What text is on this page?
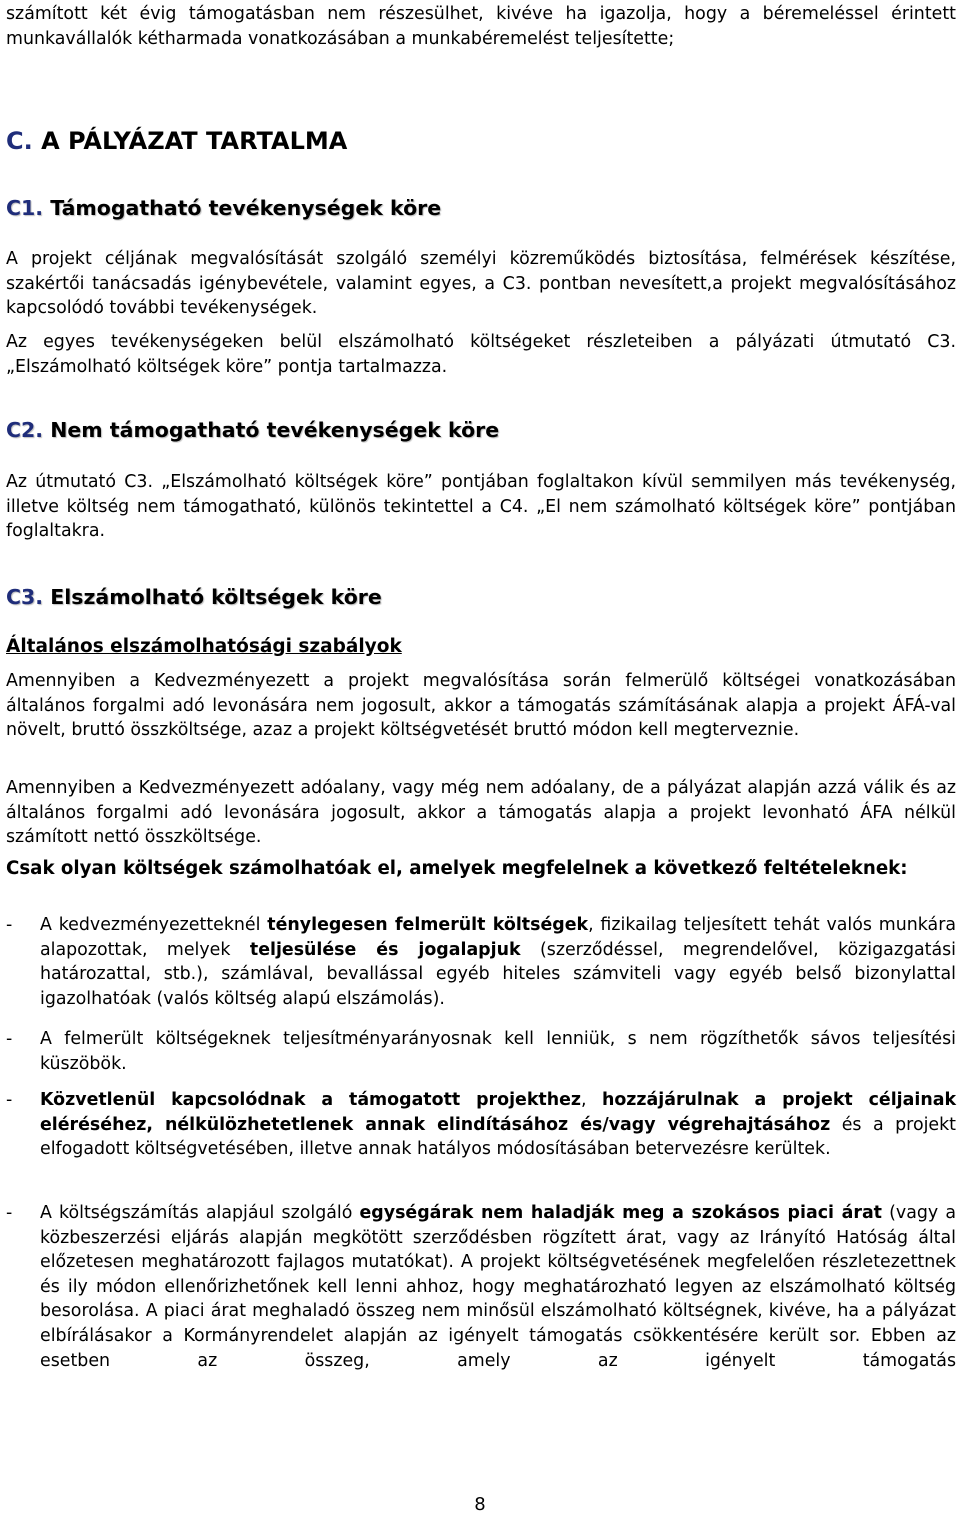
számított két évig támogatásban nem részesülhet, kivéve ha igazolja, hogy a béremeléssel érintett munkavállalók kétharmada vonatkozásában a munkabéremelést teljesítette;

C. A PÁLYÁZAT TARTALMA
C1. Támogatható tevékenységek köre

A projekt céljának megvalósítását szolgáló személyi közreműködés biztosítása, felmérések készítése, szakértői tanácsadás igénybevétele, valamint egyes, a C3. pontban nevesített,a projekt megvalósításához kapcsolódó további tevékenységek.

Az egyes tevékenységeken belül elszámolható költségeket részleteiben a pályázati útmutató C3. „Elszámolható költségek köre” pontja tartalmazza.

C2. Nem támogatható tevékenységek köre

Az útmutató C3. „Elszámolható költségek köre” pontjában foglaltakon kívül semmilyen más tevékenység, illetve költség nem támogatható, különös tekintettel a C4. „El nem számolható költségek köre” pontjában foglaltakra.

C3. Elszámolható költségek köre
Általános elszámolhatósági szabályok

Amennyiben a Kedvezményezett a projekt megvalósítása során felmerülő költségei vonatkozásában általános forgalmi adó levonására nem jogosult, akkor a támogatás számításának alapja a projekt ÁFÁ-val növelt, bruttó összköltsége, azaz a projekt költségvetését bruttó módon kell megterveznie.

Amennyiben a Kedvezményezett adóalany, vagy még nem adóalany, de a pályázat alapján azzá válik és az általános forgalmi adó levonására jogosult, akkor a támogatás alapja a projekt levonható ÁFA nélkül számított nettó összköltsége.

Csak olyan költségek számolhatóak el, amelyek megfelelnek a következő feltételeknek:

- A kedvezményezetteknél ténylegesen felmerült költségek, fizikailag teljesített tehát valós munkára alapozottak, melyek teljesülése és jogalapjuk (szerződéssel, megrendelővel, közigazgatási határozattal, stb.), számlával, bevallással egyéb hiteles számviteli vagy egyéb belső bizonylattal igazolhatóak (valós költség alapú elszámolás).

- A felmerült költségeknek teljesítményarányosnak kell lenniük, s nem rögzíthetők sávos teljesítési küszöbök.

- Közvetlenül kapcsolódnak a támogatott projekthez, hozzájárulnak a projekt céljainak eléréséhez, nélkülözhetetlenek annak elindításához és/vagy végrehajtásához és a projekt elfogadott költségvetésében, illetve annak hatályos módosításában betervezésre kerültek.

- A költségszámítás alapjául szolgáló egységárak nem haladják meg a szokásos piaci árat (vagy a közbeszerzési eljárás alapján megkötött szerződésben rögzített árat, vagy az Irányító Hatóság által előzetesen meghatározott fajlagos mutatókat). A projekt költségvetésének megfelelően részletezettnek és ily módon ellenőrizhetőnek kell lenni ahhoz, hogy meghatározható legyen az elszámolható költség besorolása. A piaci árat meghaladó összeg nem minősül elszámolható költségnek, kivéve, ha a pályázat elbírálásakor a Kormányrendelet alapján az igényelt támogatás csökkentésére került sor. Ebben az esetben az összeg, amely az igényelt támogatás

8
